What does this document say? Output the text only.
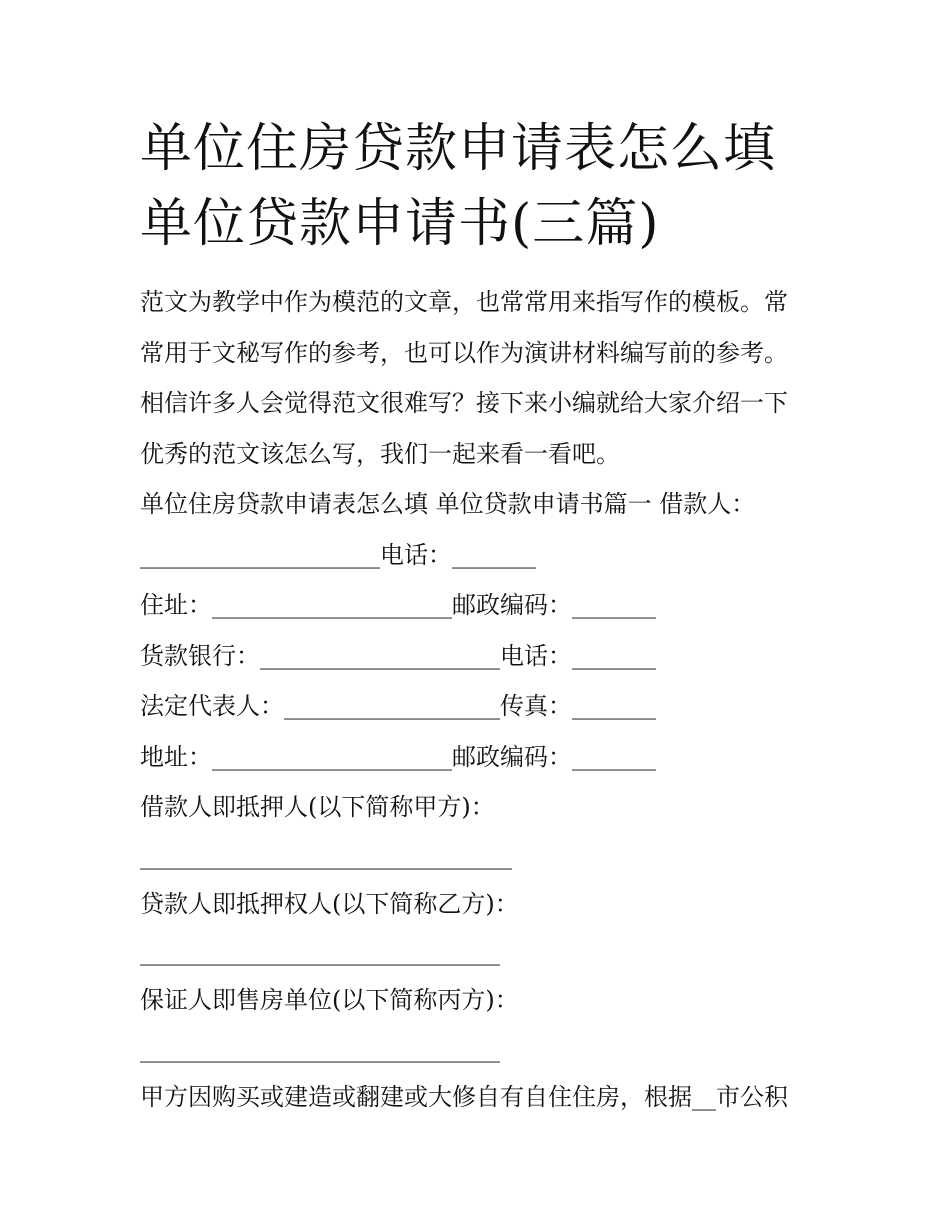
单位住房贷款申请表怎么填 单位贷款申请书(三篇)
范文为教学中作为模范的文章，也常常用来指写作的模板。常
常用于文秘写作的参考，也可以作为演讲材料编写前的参考。
相信许多人会觉得范文很难写？接下来小编就给大家介绍一下
优秀的范文该怎么写，我们一起来看一看吧。
单位住房贷款申请表怎么填 单位贷款申请书篇一 借款人：
____________________电话：_______
住址：____________________邮政编码：_______
货款银行：____________________电话：_______
法定代表人：__________________传真：_______
地址：____________________邮政编码：_______
借款人即抵押人(以下简称甲方)：
_______________________________
贷款人即抵押权人(以下简称乙方)：
______________________________
保证人即售房单位(以下简称丙方)：
______________________________
甲方因购买或建造或翻建或大修自有自住住房，根据__市公积
